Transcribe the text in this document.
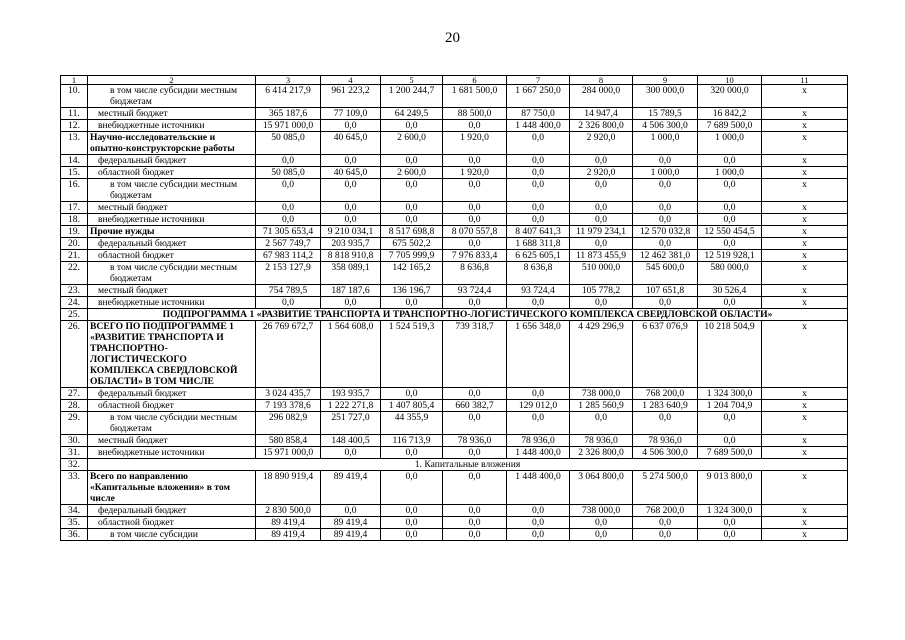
20
1	2	3	4	5	6	7	8	9	10	11
10.	в том числе субсидии местным бюджетам	6 414 217,9	961 223,2	1 200 244,7	1 681 500,0	1 667 250,0	284 000,0	300 000,0	320 000,0	x
11.	местный бюджет	365 187,6	77 109,0	64 249,5	88 500,0	87 750,0	14 947,4	15 789,5	16 842,2	x
12.	внебюджетные источники	15 971 000,0	0,0	0,0	0,0	1 448 400,0	2 326 800,0	4 506 300,0	7 689 500,0	x
13.	Научно-исследовательские и опытно-конструкторские работы	50 085,0	40 645,0	2 600,0	1 920,0	0,0	2 920,0	1 000,0	1 000,0	x
14.	федеральный бюджет	0,0	0,0	0,0	0,0	0,0	0,0	0,0	0,0	x
15.	областной бюджет	50 085,0	40 645,0	2 600,0	1 920,0	0,0	2 920,0	1 000,0	1 000,0	x
16.	в том числе субсидии местным бюджетам	0,0	0,0	0,0	0,0	0,0	0,0	0,0	0,0	x
17.	местный бюджет	0,0	0,0	0,0	0,0	0,0	0,0	0,0	0,0	x
18.	внебюджетные источники	0,0	0,0	0,0	0,0	0,0	0,0	0,0	0,0	x
19.	Прочие нужды	71 305 653,4	9 210 034,1	8 517 698,8	8 070 557,8	8 407 641,3	11 979 234,1	12 570 032,8	12 550 454,5	x
20.	федеральный бюджет	2 567 749,7	203 935,7	675 502,2	0,0	1 688 311,8	0,0	0,0	0,0	x
21.	областной бюджет	67 983 114,2	8 818 910,8	7 705 999,9	7 976 833,4	6 625 605,1	11 873 455,9	12 462 381,0	12 519 928,1	x
22.	в том числе субсидии местным бюджетам	2 153 127,9	358 089,1	142 165,2	8 636,8	8 636,8	510 000,0	545 600,0	580 000,0	x
23.	местный бюджет	754 789,5	187 187,6	136 196,7	93 724,4	93 724,4	105 778,2	107 651,8	30 526,4	x
24.	внебюджетные источники	0,0	0,0	0,0	0,0	0,0	0,0	0,0	0,0	x
25.	ПОДПРОГРАММА 1 «РАЗВИТИЕ ТРАНСПОРТА И ТРАНСПОРТНО-ЛОГИСТИЧЕСКОГО КОМПЛЕКСА СВЕРДЛОВСКОЙ ОБЛАСТИ»									
26.	ВСЕГО ПО ПОДПРОГРАММЕ 1 «РАЗВИТИЕ ТРАНСПОРТА И ТРАНСПОРТНО-ЛОГИСТИЧЕСКОГО КОМПЛЕКСА СВЕРДЛОВСКОЙ ОБЛАСТИ» В ТОМ ЧИСЛЕ	26 769 672,7	1 564 608,0	1 524 519,3	739 318,7	1 656 348,0	4 429 296,9	6 637 076,9	10 218 504,9	x
27.	федеральный бюджет	3 024 435,7	193 935,7	0,0	0,0	0,0	738 000,0	768 200,0	1 324 300,0	x
28.	областной бюджет	7 193 378,6	1 222 271,8	1 407 805,4	660 382,7	129 012,0	1 285 560,9	1 283 640,9	1 204 704,9	x
29.	в том числе субсидии местным бюджетам	296 082,9	251 727,0	44 355,9	0,0	0,0	0,0	0,0	0,0	x
30.	местный бюджет	580 858,4	148 400,5	116 713,9	78 936,0	78 936,0	78 936,0	78 936,0	0,0	x
31.	внебюджетные источники	15 971 000,0	0,0	0,0	0,0	1 448 400,0	2 326 800,0	4 506 300,0	7 689 500,0	x
32.	1. Капитальные вложения									
33.	Всего по направлению «Капитальные вложения» в том числе	18 890 919,4	89 419,4	0,0	0,0	1 448 400,0	3 064 800,0	5 274 500,0	9 013 800,0	x
34.	федеральный бюджет	2 830 500,0	0,0	0,0	0,0	0,0	738 000,0	768 200,0	1 324 300,0	x
35.	областной бюджет	89 419,4	89 419,4	0,0	0,0	0,0	0,0	0,0	0,0	x
36.	в том числе субсидии	89 419,4	89 419,4	0,0	0,0	0,0	0,0	0,0	0,0	x
